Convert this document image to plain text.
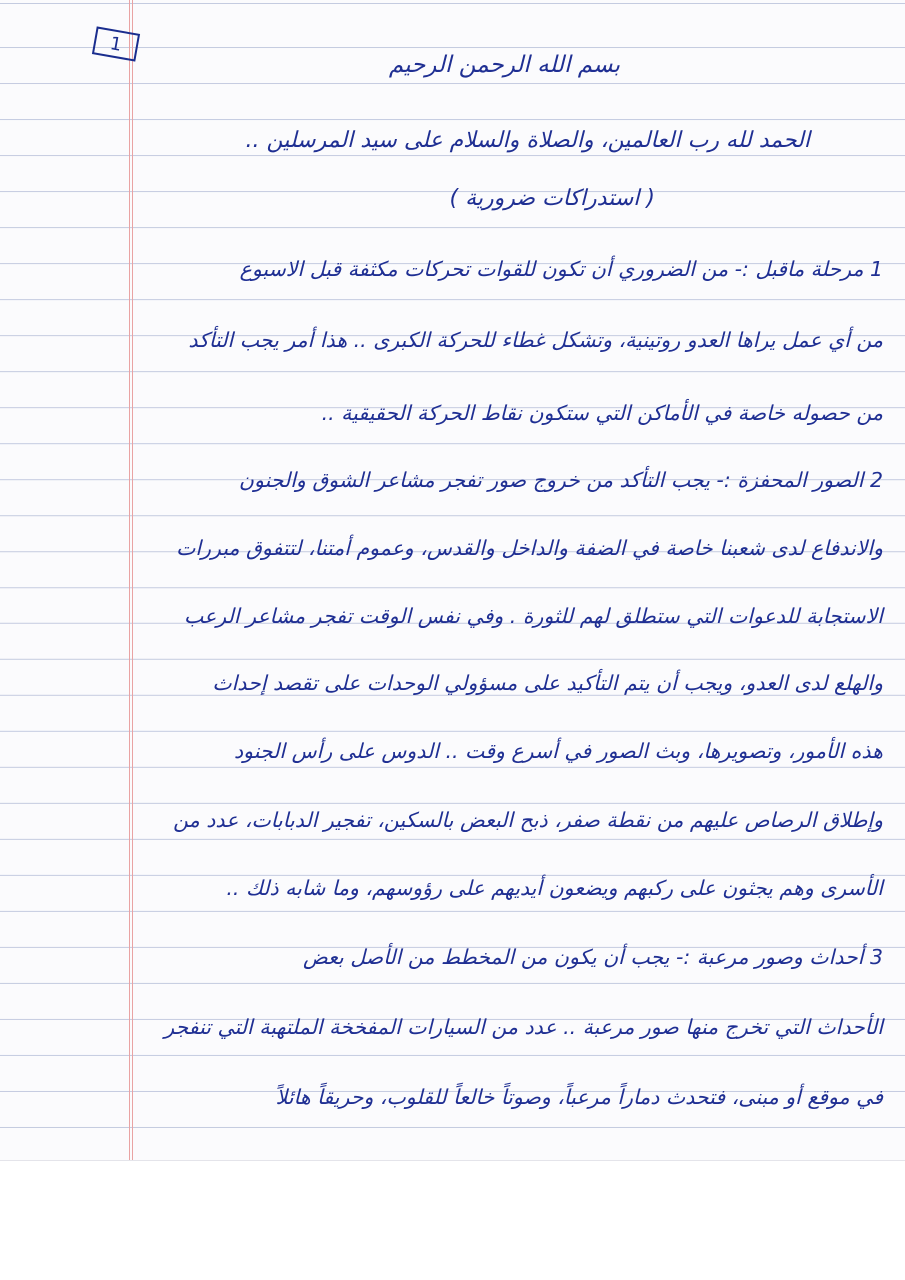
1
بسم الله الرحمن الرحيم
الحمد لله رب العالمين، والصلاة والسلام على سيد المرسلين ..
( استدراكات ضرورية )
1 مرحلة ماقبل :- من الضروري أن تكون للقوات تحركات مكثفة قبل الاسبوع
من أي عمل يراها العدو روتينية، وتشكل غطاء للحركة الكبرى .. هذا أمر يجب التأكد
من حصوله خاصة في الأماكن التي ستكون نقاط الحركة الحقيقية ..
2 الصور المحفزة :- يجب التأكد من خروج صور تفجر مشاعر الشوق والجنون
والاندفاع لدى شعبنا خاصة في الضفة والداخل والقدس، وعموم أمتنا، لتتفوق مبررات
الاستجابة للدعوات التي ستطلق لهم للثورة . وفي نفس الوقت تفجر مشاعر الرعب
والهلع لدى العدو، ويجب أن يتم التأكيد على مسؤولي الوحدات على تقصد إحداث
هذه الأمور، وتصويرها، وبث الصور في أسرع وقت .. الدوس على رأس الجنود
وإطلاق الرصاص عليهم من نقطة صفر، ذبح البعض بالسكين، تفجير الدبابات، عدد من
الأسرى وهم يجثون على ركبهم ويضعون أيديهم على رؤوسهم، وما شابه ذلك ..
3 أحداث وصور مرعبة :- يجب أن يكون من المخطط من الأصل بعض
الأحداث التي تخرج منها صور مرعبة .. عدد من السيارات المفخخة الملتهبة التي تنفجر
في موقع أو مبنى، فتحدث دماراً مرعباً، وصوتاً خالعاً للقلوب، وحريقاً هائلاً
